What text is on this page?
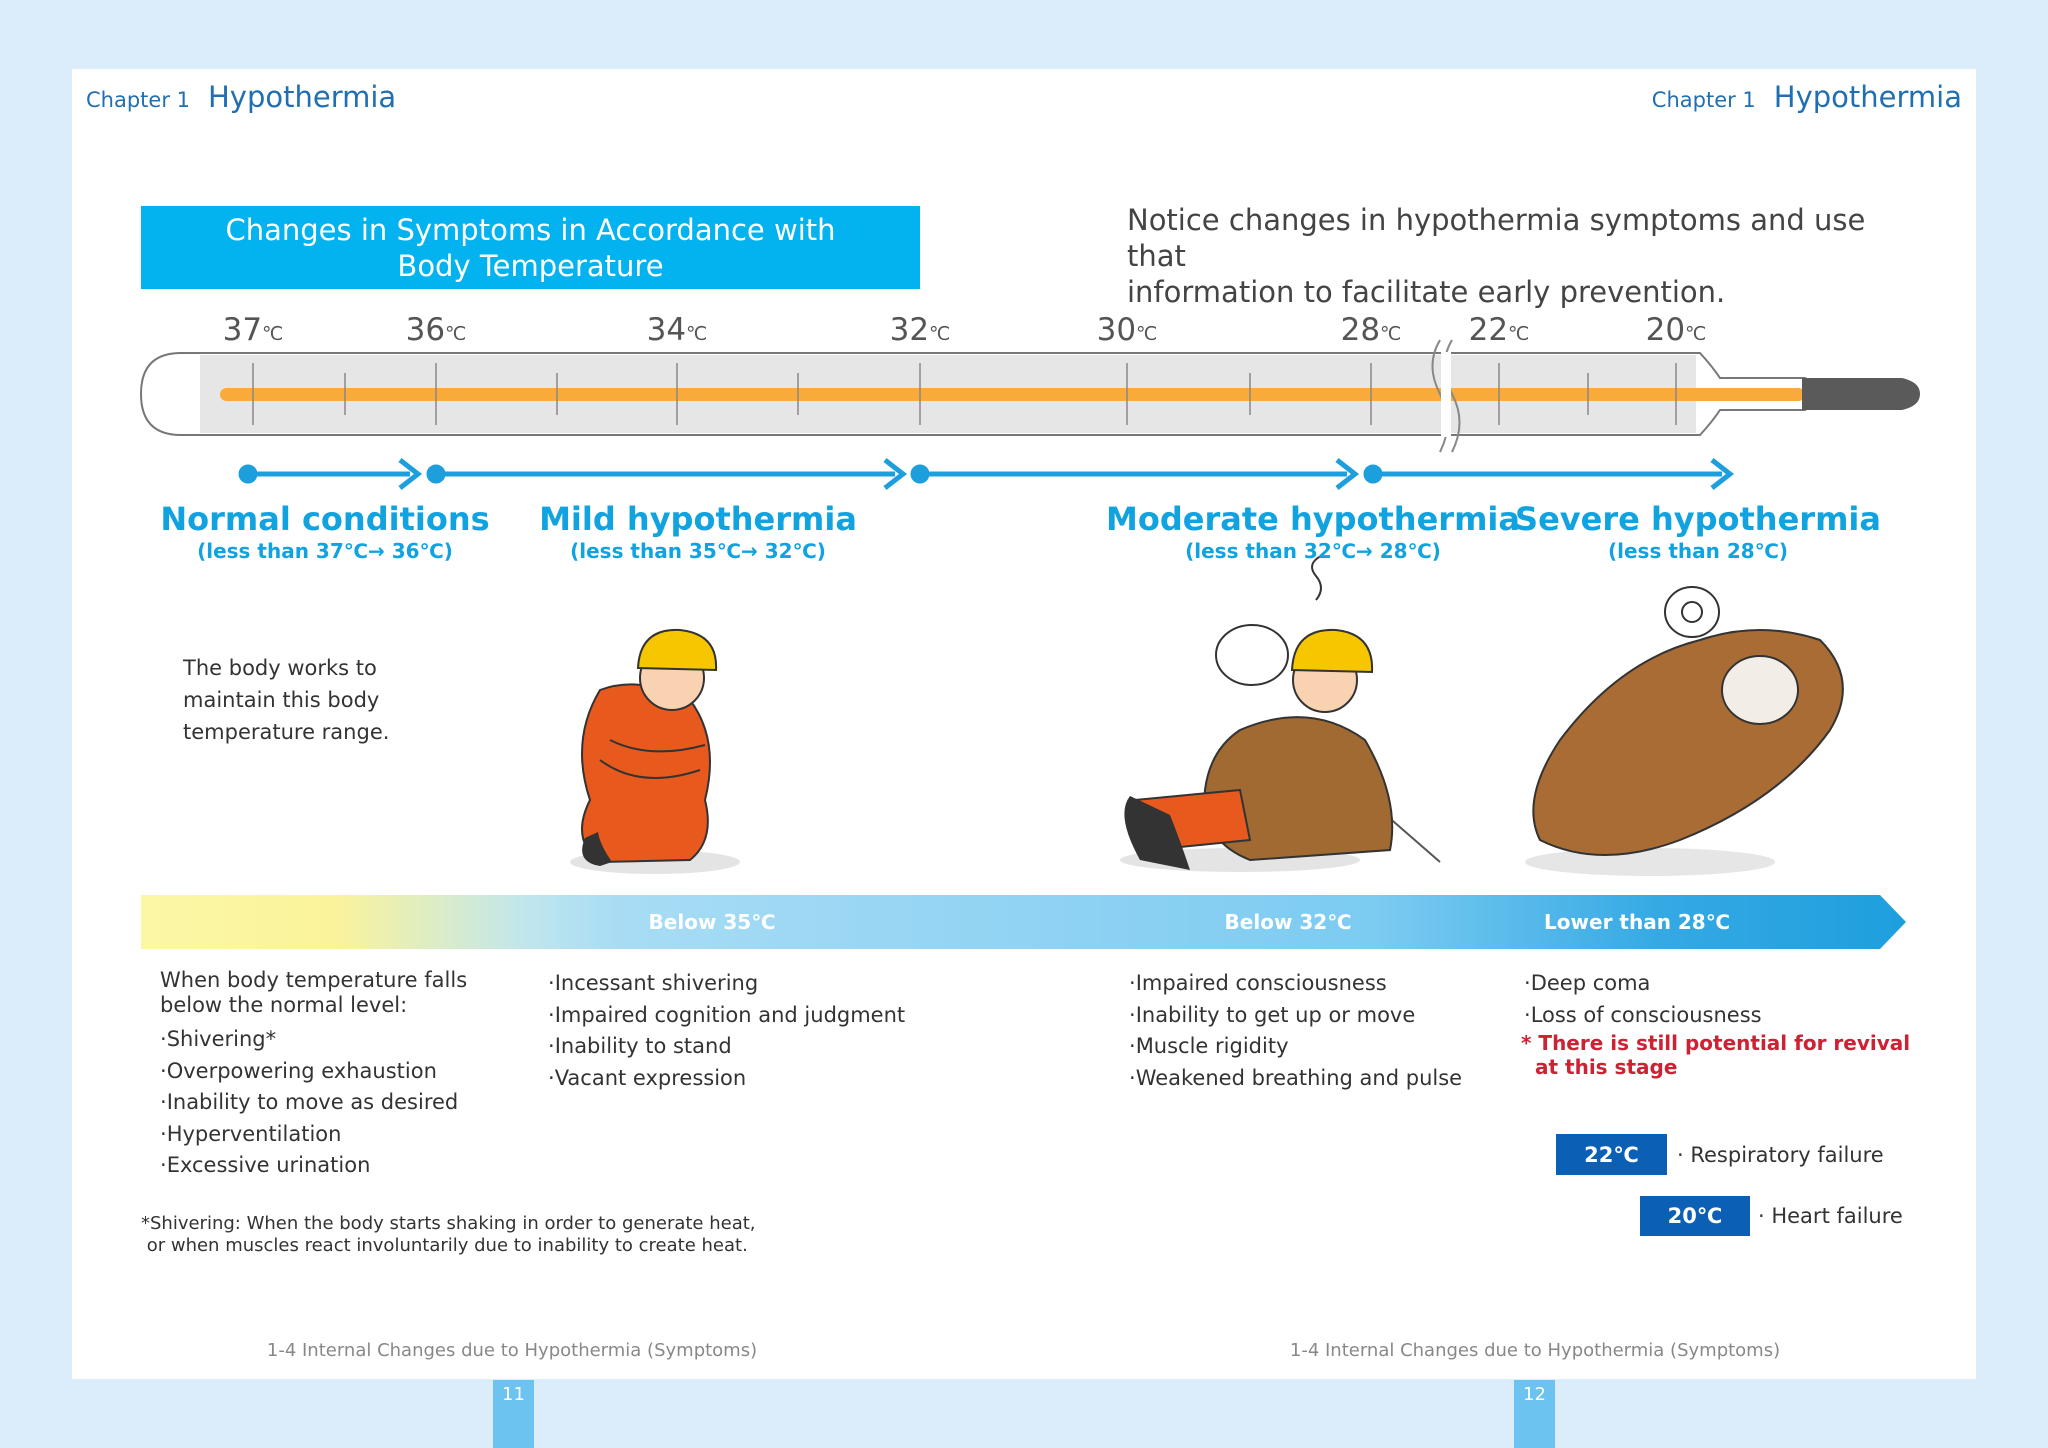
Chapter 1 Hypothermia	Chapter 1 Hypothermia
Changes in Symptoms in Accordance with
Body Temperature
Notice changes in hypothermia symptoms and use that
information to facilitate early prevention.
37℃	36℃	34℃	32℃	30℃	28℃ 22℃	20℃
Normal conditions
(less than 37℃→ 36℃)
Mild hypothermia
(less than 35℃→ 32℃)
Moderate hypothermia
(less than 32℃→ 28℃)
Severe hypothermia
(less than 28℃)
The body works to
maintain this body
temperature range.
Below 35℃	Below 32℃	Lower than 28℃
When body temperature falls
below the normal level:
· Shivering*
· Overpowering exhaustion
· Inability to move as desired
· Hyperventilation
· Excessive urination
· Incessant shivering
· Impaired cognition and judgment
· Inability to stand
· Vacant expression
· Impaired consciousness
· Inability to get up or move
· Muscle rigidity
· Weakened breathing and pulse
· Deep coma
· Loss of consciousness
* There is still potential for revival
at this stage
22℃	· Respiratory failure
20℃	· Heart failure
*Shivering: When the body starts shaking in order to generate heat,
or when muscles react involuntarily due to inability to create heat.
1-4 Internal Changes due to Hypothermia (Symptoms)	1-4 Internal Changes due to Hypothermia (Symptoms)
11	12
